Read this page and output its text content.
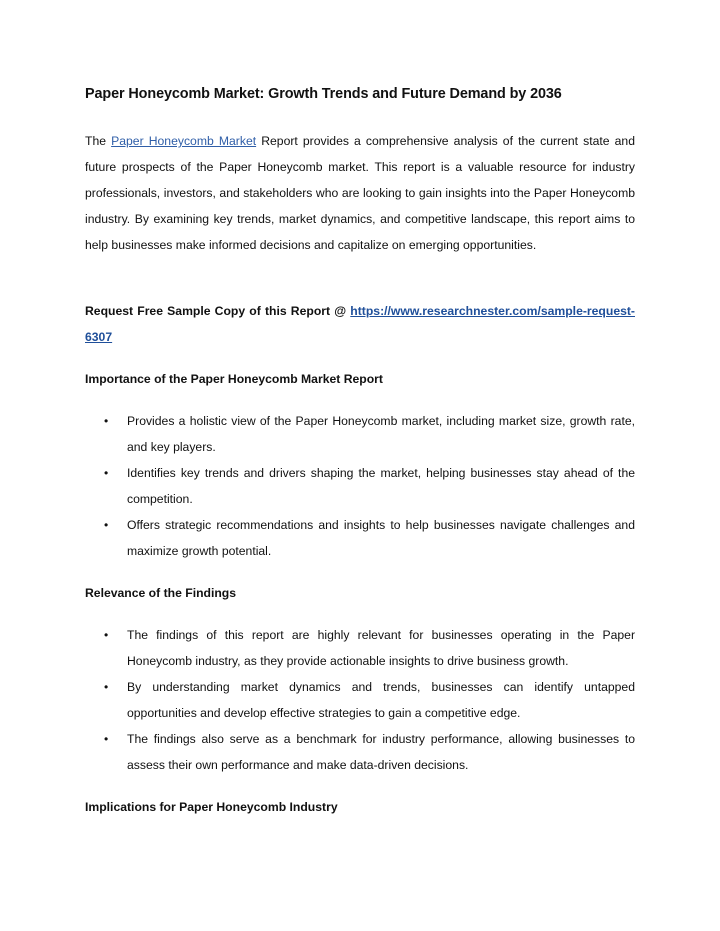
Paper Honeycomb Market: Growth Trends and Future Demand by 2036

The Paper Honeycomb Market Report provides a comprehensive analysis of the current state and future prospects of the Paper Honeycomb market. This report is a valuable resource for industry professionals, investors, and stakeholders who are looking to gain insights into the Paper Honeycomb industry. By examining key trends, market dynamics, and competitive landscape, this report aims to help businesses make informed decisions and capitalize on emerging opportunities.

Request Free Sample Copy of this Report @ https://www.researchnester.com/sample-request-6307

Importance of the Paper Honeycomb Market Report
• Provides a holistic view of the Paper Honeycomb market, including market size, growth rate, and key players.
• Identifies key trends and drivers shaping the market, helping businesses stay ahead of the competition.
• Offers strategic recommendations and insights to help businesses navigate challenges and maximize growth potential.
Relevance of the Findings
• The findings of this report are highly relevant for businesses operating in the Paper Honeycomb industry, as they provide actionable insights to drive business growth.
• By understanding market dynamics and trends, businesses can identify untapped opportunities and develop effective strategies to gain a competitive edge.
• The findings also serve as a benchmark for industry performance, allowing businesses to assess their own performance and make data-driven decisions.
Implications for Paper Honeycomb Industry
